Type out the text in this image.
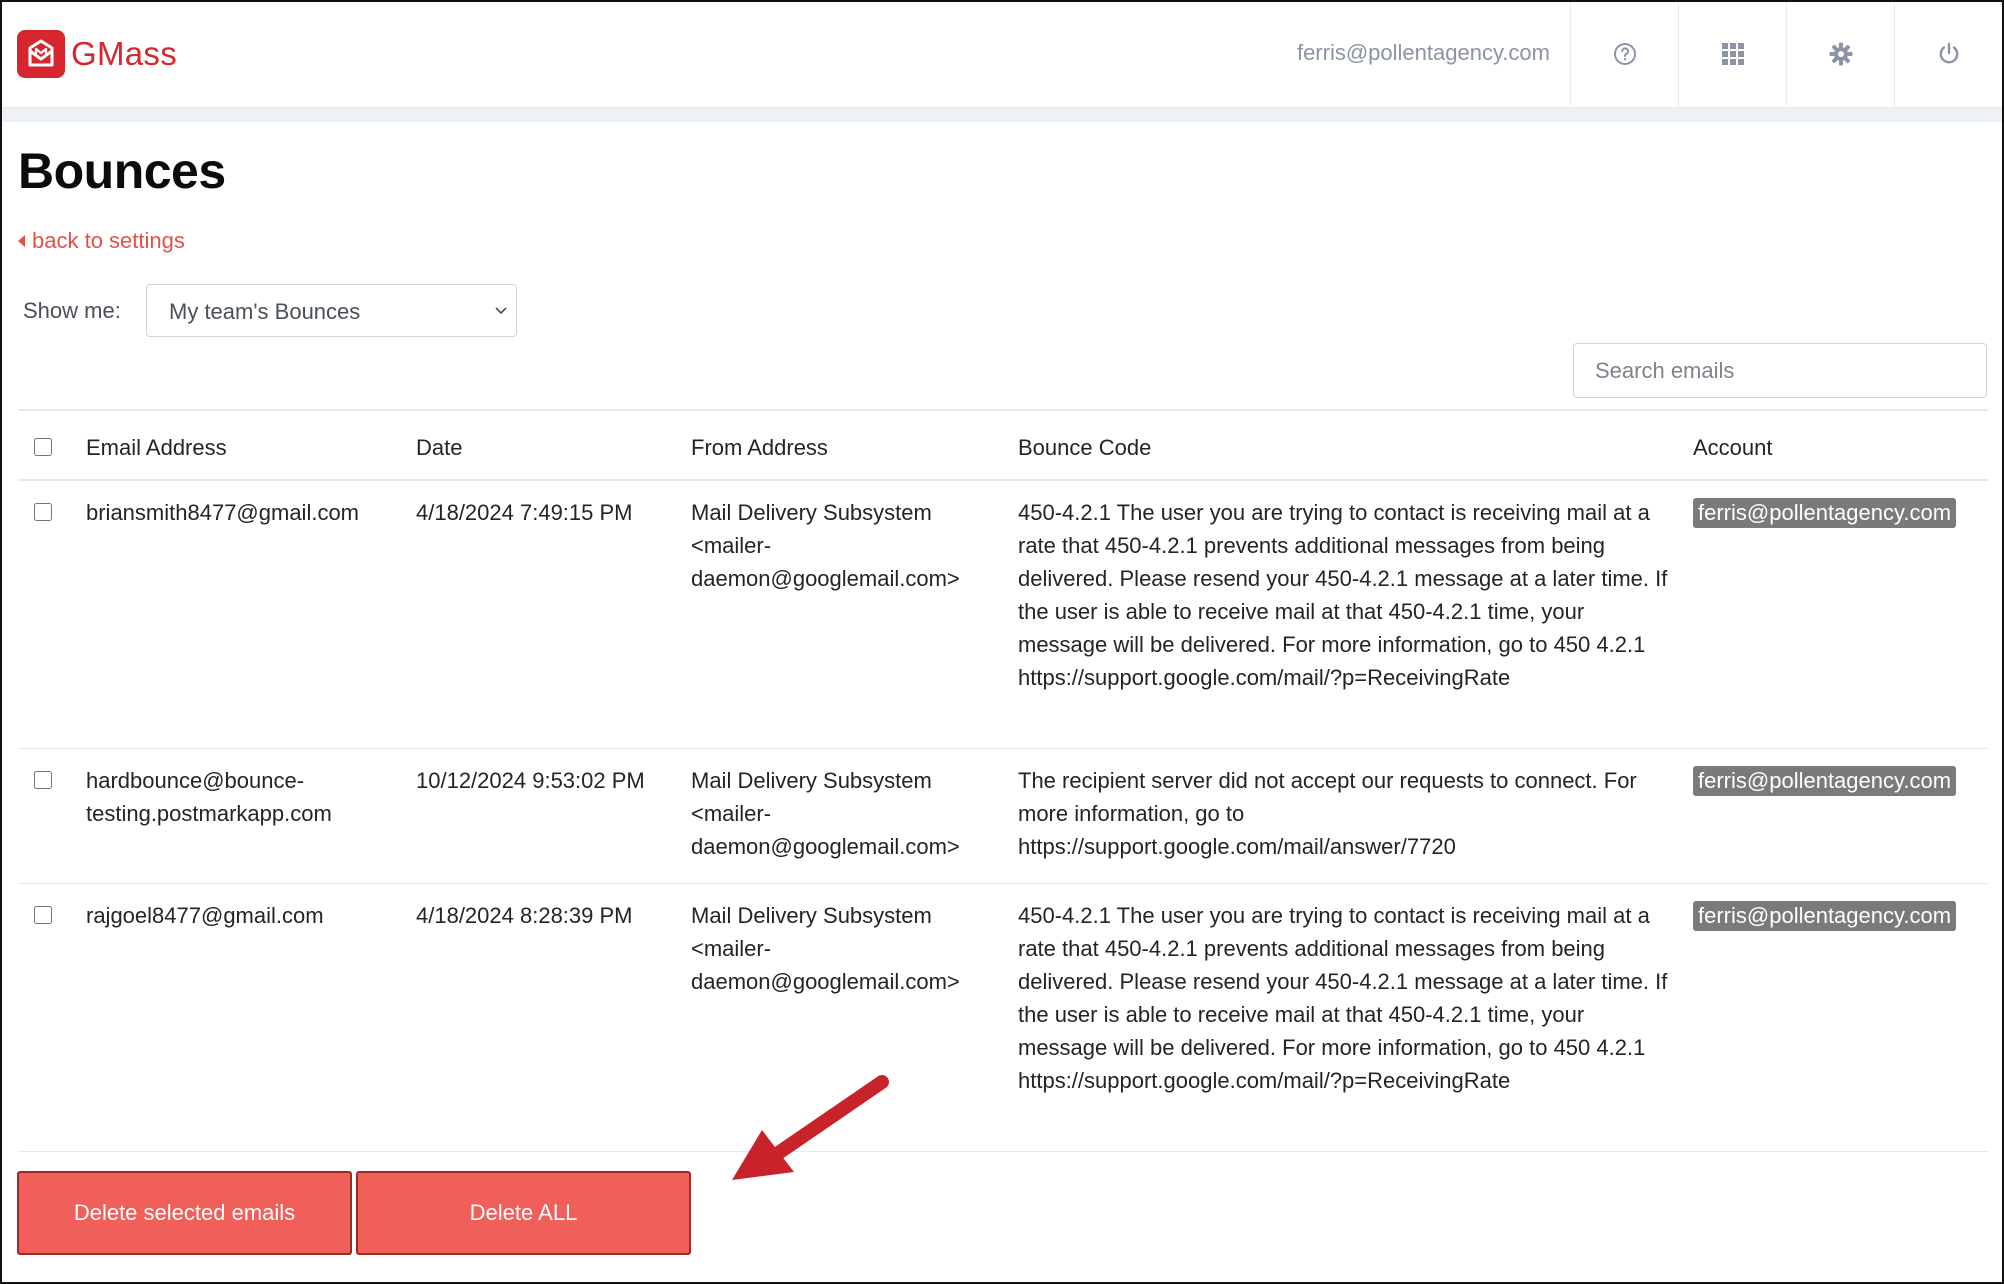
GMass	ferris@pollentagency.com
Bounces
back to settings
Show me:	My team's Bounces
Search emails
	Email Address	Date	From Address	Bounce Code	Account
	briansmith8477@gmail.com	4/18/2024 7:49:15 PM	Mail Delivery Subsystem <mailer-daemon@googlemail.com>	450-4.2.1 The user you are trying to contact is receiving mail at a rate that 450-4.2.1 prevents additional messages from being delivered. Please resend your 450-4.2.1 message at a later time. If the user is able to receive mail at that 450-4.2.1 time, your message will be delivered. For more information, go to 450 4.2.1 https://support.google.com/mail/?p=ReceivingRate	ferris@pollentagency.com
	hardbounce@bounce-testing.postmarkapp.com	10/12/2024 9:53:02 PM	Mail Delivery Subsystem <mailer-daemon@googlemail.com>	The recipient server did not accept our requests to connect. For more information, go to https://support.google.com/mail/answer/7720	ferris@pollentagency.com
	rajgoel8477@gmail.com	4/18/2024 8:28:39 PM	Mail Delivery Subsystem <mailer-daemon@googlemail.com>	450-4.2.1 The user you are trying to contact is receiving mail at a rate that 450-4.2.1 prevents additional messages from being delivered. Please resend your 450-4.2.1 message at a later time. If the user is able to receive mail at that 450-4.2.1 time, your message will be delivered. For more information, go to 450 4.2.1 https://support.google.com/mail/?p=ReceivingRate	ferris@pollentagency.com
Delete selected emails	Delete ALL
